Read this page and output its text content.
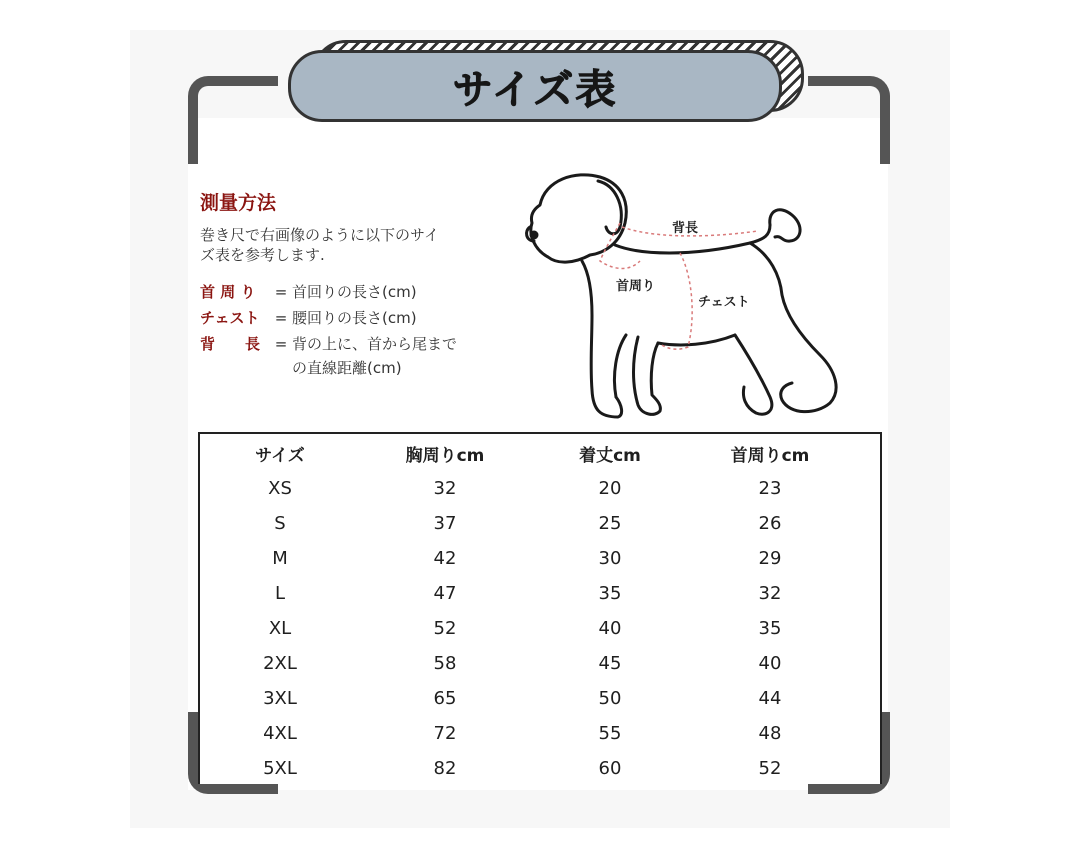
サイズ表
測量方法
巻き尺で右画像のように以下のサイ
ズ表を参考します.
首 周 り	= 首回りの長さ(cm)
チェスト	= 腰回りの長さ(cm)
背　　長 = 背の上に、首から尾まで
の直線距離(cm)
背長
首周り
チェスト
サイズ	胸周りcm	着丈cm	首周りcm
XS	32	20	23
S	37	25	26
M	42	30	29
L	47	35	32
XL	52	40	35
2XL	58	45	40
3XL	65	50	44
4XL	72	55	48
5XL	82	60	52
